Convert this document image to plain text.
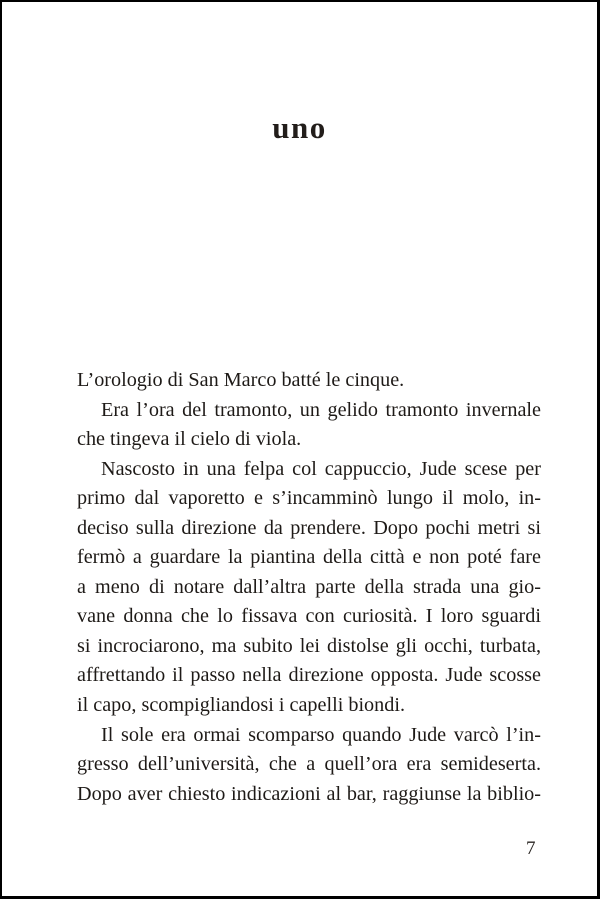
uno
L’orologio di San Marco batté le cinque.
Era l’ora del tramonto, un gelido tramonto invernale
che tingeva il cielo di viola.
Nascosto in una felpa col cappuccio, Jude scese per
primo dal vaporetto e s’incamminò lungo il molo, in-
deciso sulla direzione da prendere. Dopo pochi metri si
fermò a guardare la piantina della città e non poté fare
a meno di notare dall’altra parte della strada una gio-
vane donna che lo fissava con curiosità. I loro sguardi
si incrociarono, ma subito lei distolse gli occhi, turbata,
affrettando il passo nella direzione opposta. Jude scosse
il capo, scompigliandosi i capelli biondi.
Il sole era ormai scomparso quando Jude varcò l’in-
gresso dell’università, che a quell’ora era semideserta.
Dopo aver chiesto indicazioni al bar, raggiunse la biblio-
7
